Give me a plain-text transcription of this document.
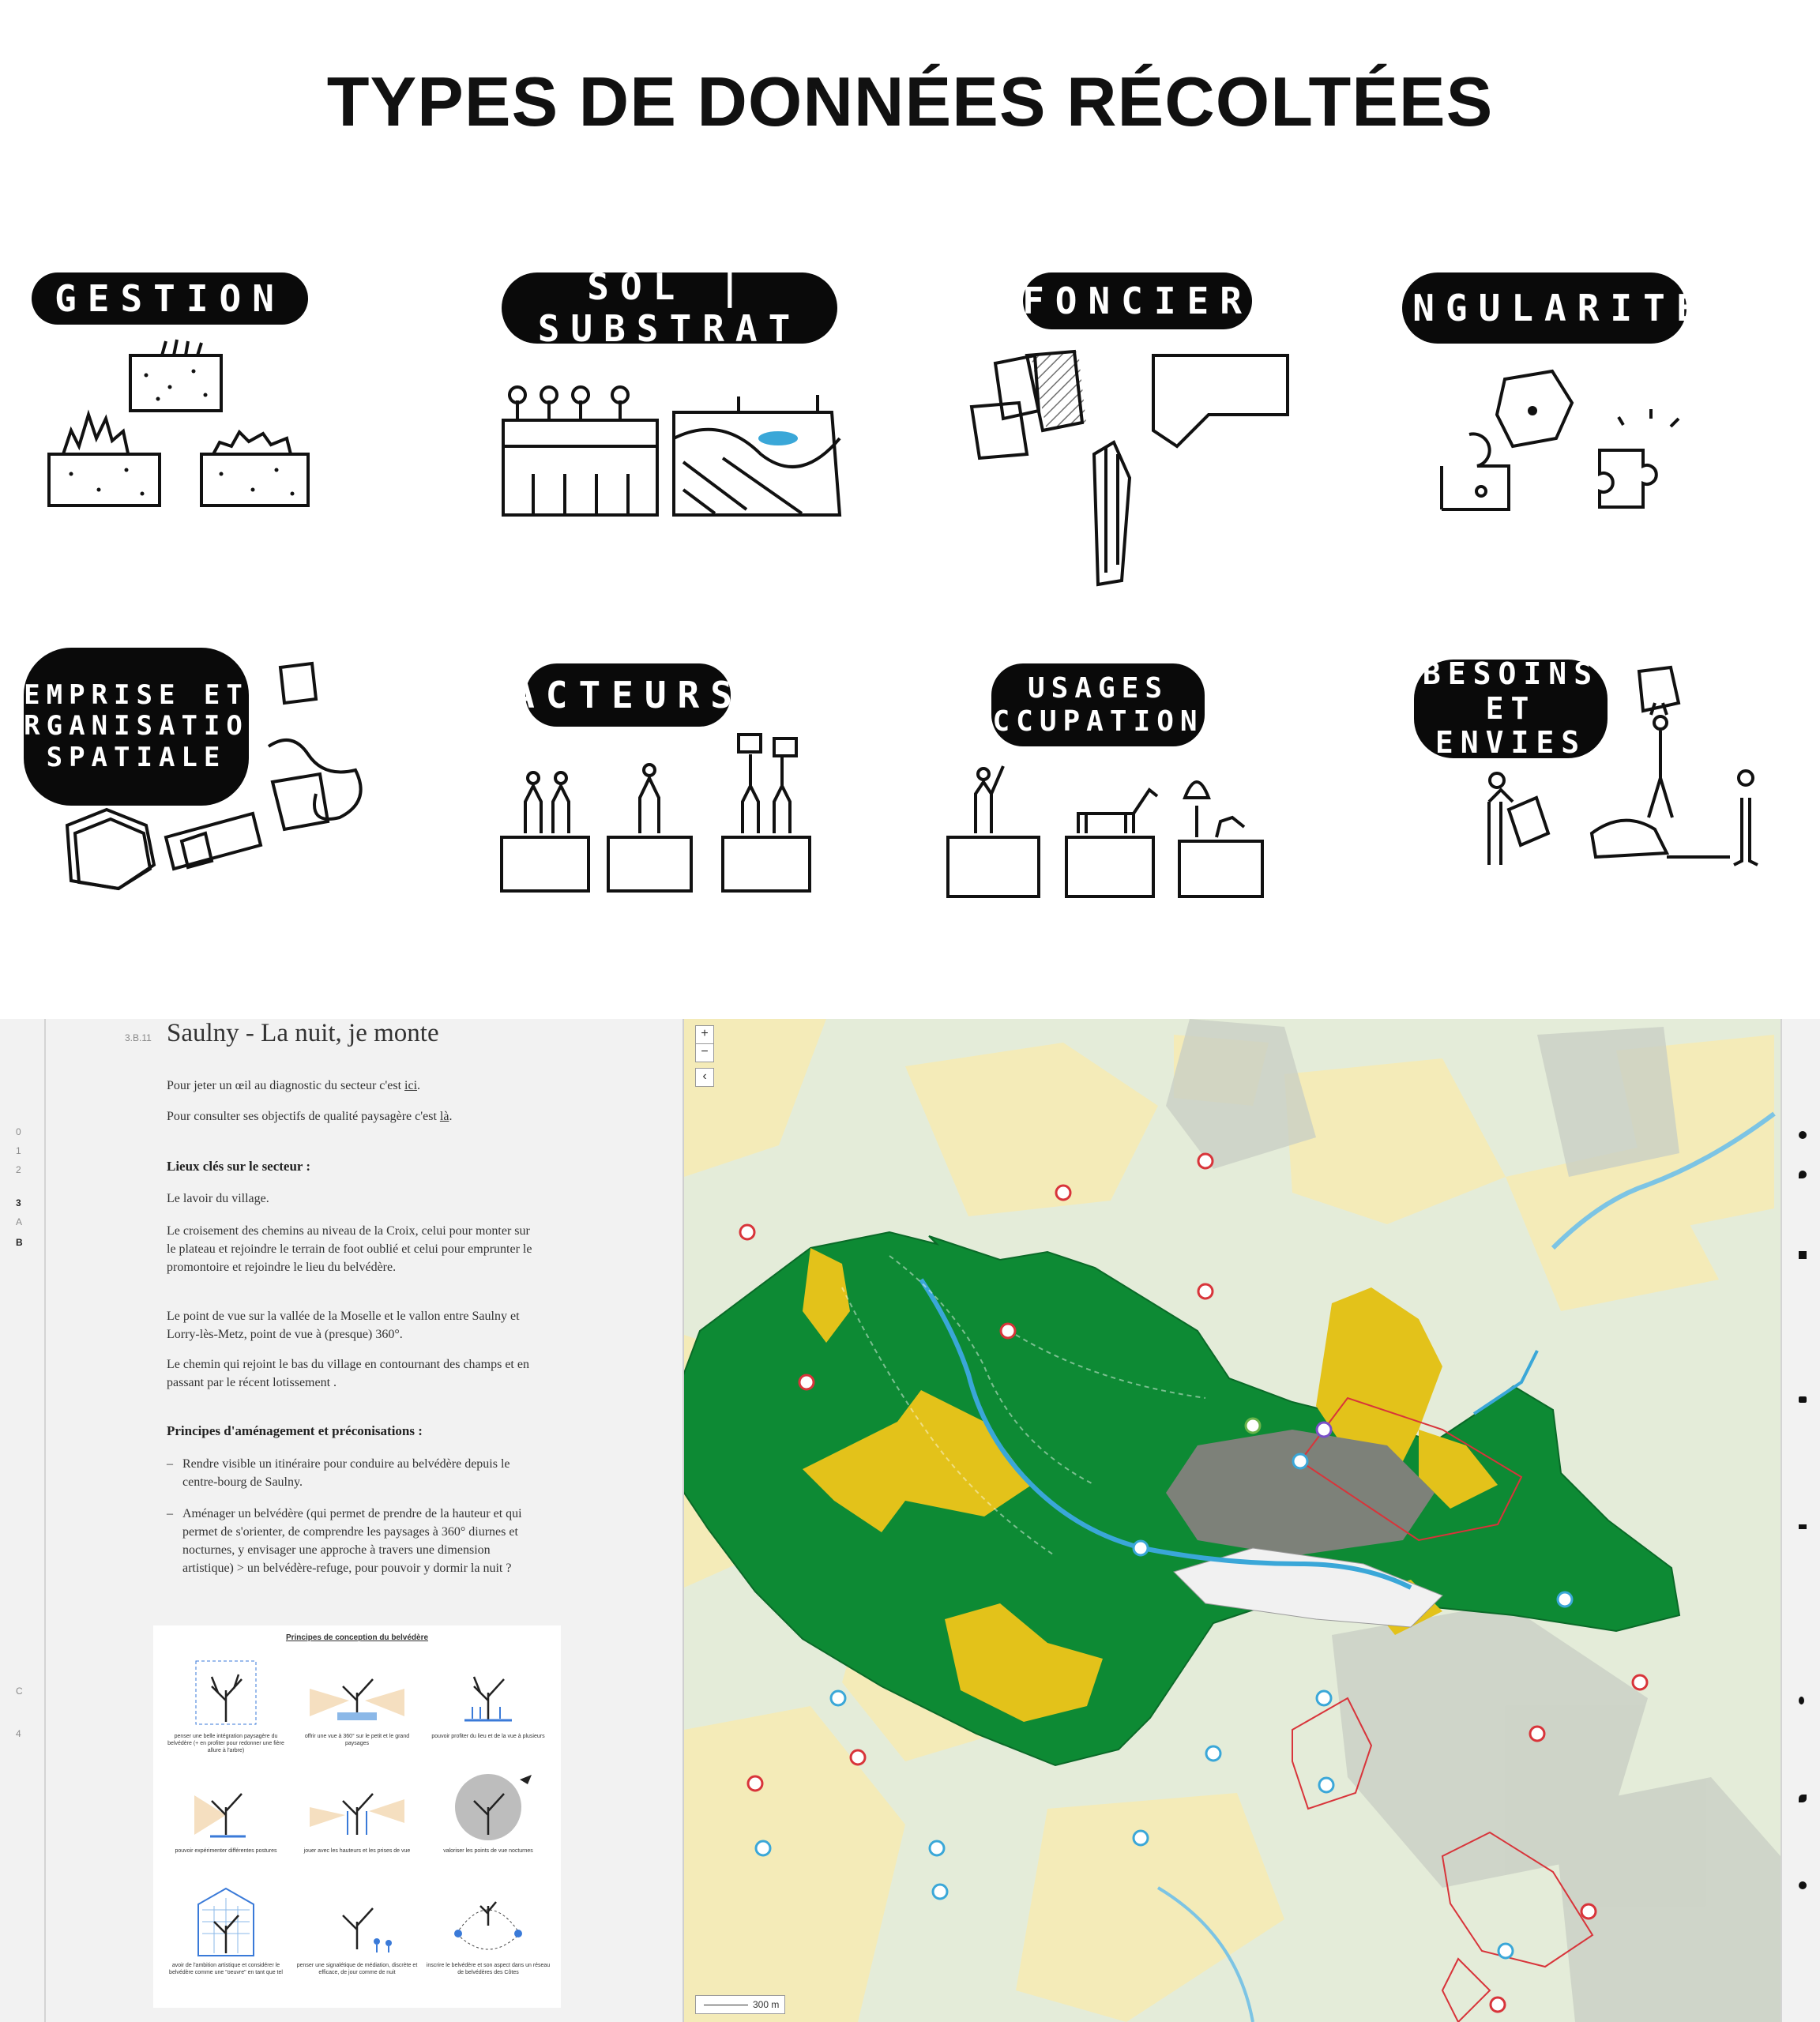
TYPES DE DONNÉES RÉCOLTÉES
GESTION	SOL | SUBSTRAT
FONCIER	SINGULARITÉS
EMPRISE ET
ORGANISATION
SPATIALE
ACTEURS	USAGES
OCCUPATIONS
BESOINS
ET ENVIES
0
1
2
3
A
B
C
4
3.B.11 Saulny - La nuit, je monte
Pour jeter un œil au diagnostic du secteur c'est ici.
Pour consulter ses objectifs de qualité paysagère c'est là.
Lieux clés sur le secteur :
Le lavoir du village.
Le croisement des chemins au niveau de la Croix, celui pour monter sur le plateau et rejoindre le terrain de foot oublié et celui pour emprunter le promontoire et rejoindre le lieu du belvédère.
Le point de vue sur la vallée de la Moselle et le vallon entre Saulny et Lorry-lès-Metz, point de vue à (presque) 360°.
Le chemin qui rejoint le bas du village en contournant des champs et en passant par le récent lotissement .
Principes d'aménagement et préconisations :
– Rendre visible un itinéraire pour conduire au belvédère depuis le centre-bourg de Saulny.
– Aménager un belvédère (qui permet de prendre de la hauteur et qui permet de s'orienter, de comprendre les paysages à 360° diurnes et nocturnes, y envisager une approche à travers une dimension artistique) > un belvédère-refuge, pour pouvoir y dormir la nuit ?
Principes de conception du belvédère
penser une belle intégration paysagère du belvédère (+ en profiter pour redonner une fière allure à l'arbre)
offrir une vue à 360° sur le petit et le grand paysages
pouvoir profiter du lieu et de la vue à plusieurs
pouvoir expérimenter différentes postures	jouer avec les hauteurs et les prises de vue	valoriser les points de vue nocturnes
avoir de l'ambition artistique et considérer le belvédère comme une "oeuvre" en tant que tel
penser une signalétique de médiation, discrète et efficace, de jour comme de nuit
inscrire le belvédère et son aspect dans un réseau de belvédères des Côtes
+
−
‹
300 m
